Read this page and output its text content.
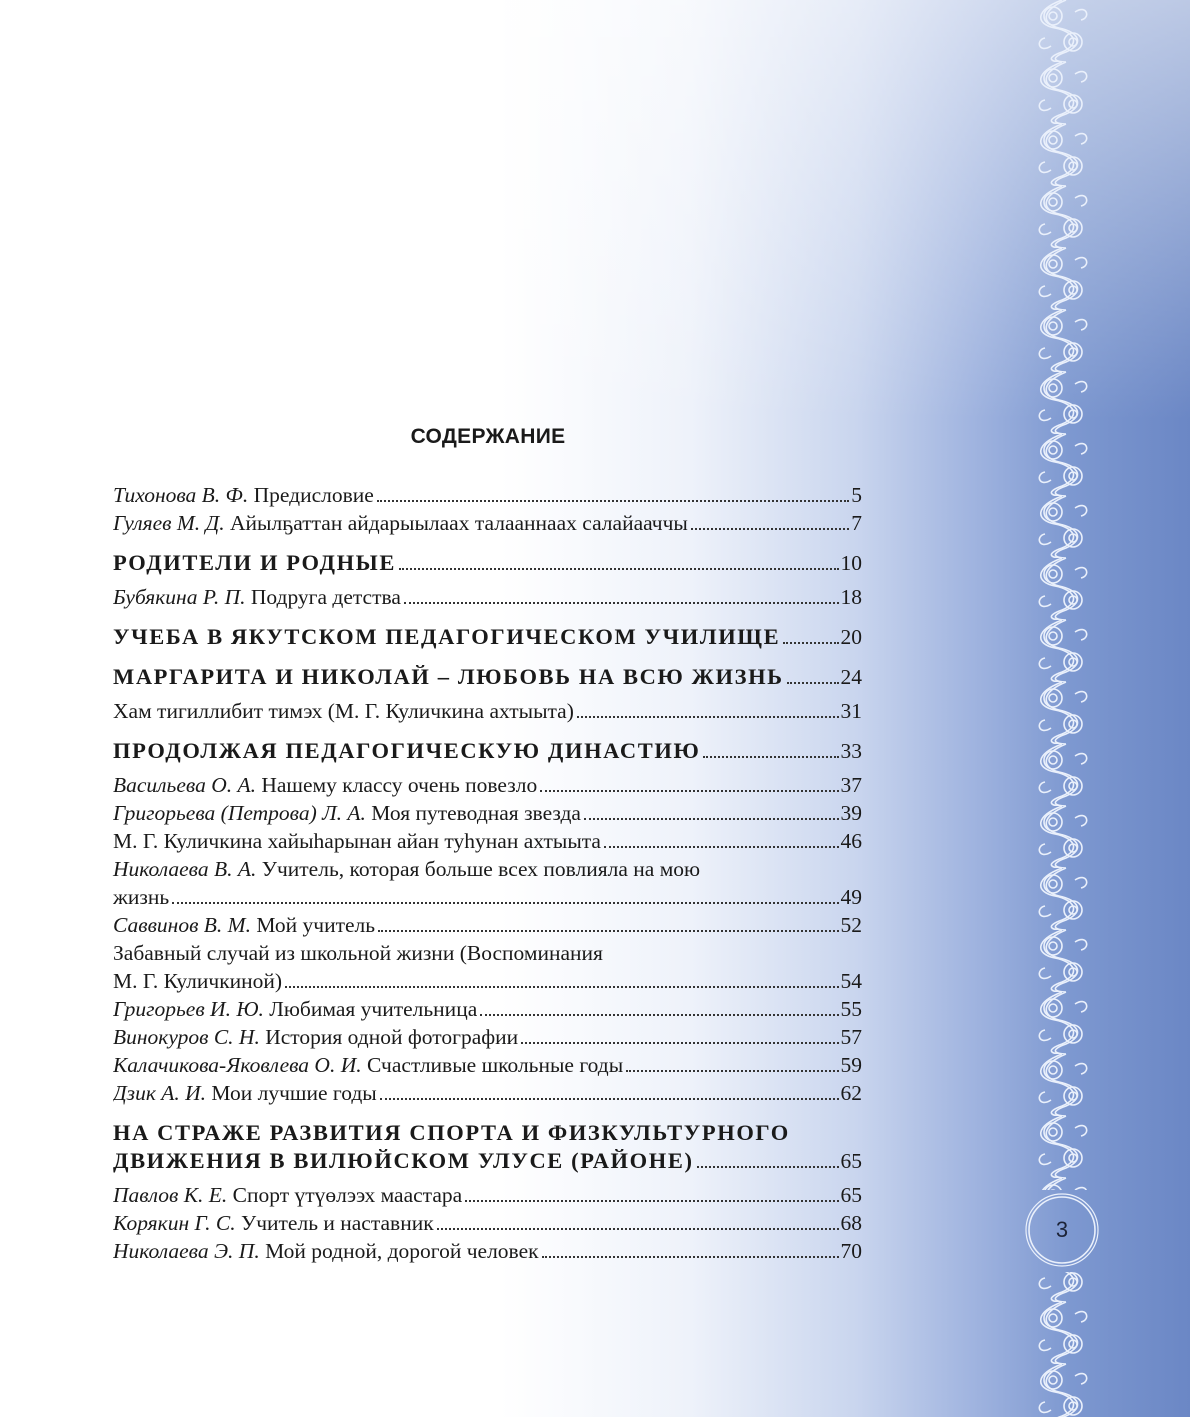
3
СОДЕРЖАНИЕ
Тихонова В. Ф. Предисловие	5
Гуляев М. Д. Айылҕаттан айдарыылаах талааннаах салайааччы	7
РОДИТЕЛИ И РОДНЫЕ	10
Бубякина Р. П. Подруга детства	18
УЧЕБА В ЯКУТСКОМ ПЕДАГОГИЧЕСКОМ УЧИЛИЩЕ	20
МАРГАРИТА И НИКОЛАЙ – ЛЮБОВЬ НА ВСЮ ЖИЗНЬ	24
Хам тигиллибит тимэх (М. Г. Куличкина ахтыыта)	31
ПРОДОЛЖАЯ ПЕДАГОГИЧЕСКУЮ ДИНАСТИЮ	33
Васильева О. А. Нашему классу очень повезло	37
Григорьева (Петрова) Л. А. Моя путеводная звезда	39
М. Г. Куличкина хайыһарынан айан туһунан ахтыыта	46
Николаева В. А. Учитель, которая больше всех повлияла на мою
жизнь	49
Саввинов В. М. Мой учитель	52
Забавный случай из школьной жизни (Воспоминания
М. Г. Куличкиной)	54
Григорьев И. Ю. Любимая учительница	55
Винокуров С. Н. История одной фотографии	57
Калачикова-Яковлева О. И. Счастливые школьные годы	59
Дзик А. И. Мои лучшие годы	62
НА СТРАЖЕ РАЗВИТИЯ СПОРТА И ФИЗКУЛЬТУРНОГО
ДВИЖЕНИЯ В ВИЛЮЙСКОМ УЛУСЕ (РАЙОНЕ)	65
Павлов К. Е. Спорт үтүөлээх маастара	65
Корякин Г. С. Учитель и наставник	68
Николаева Э. П. Мой родной, дорогой человек	70
